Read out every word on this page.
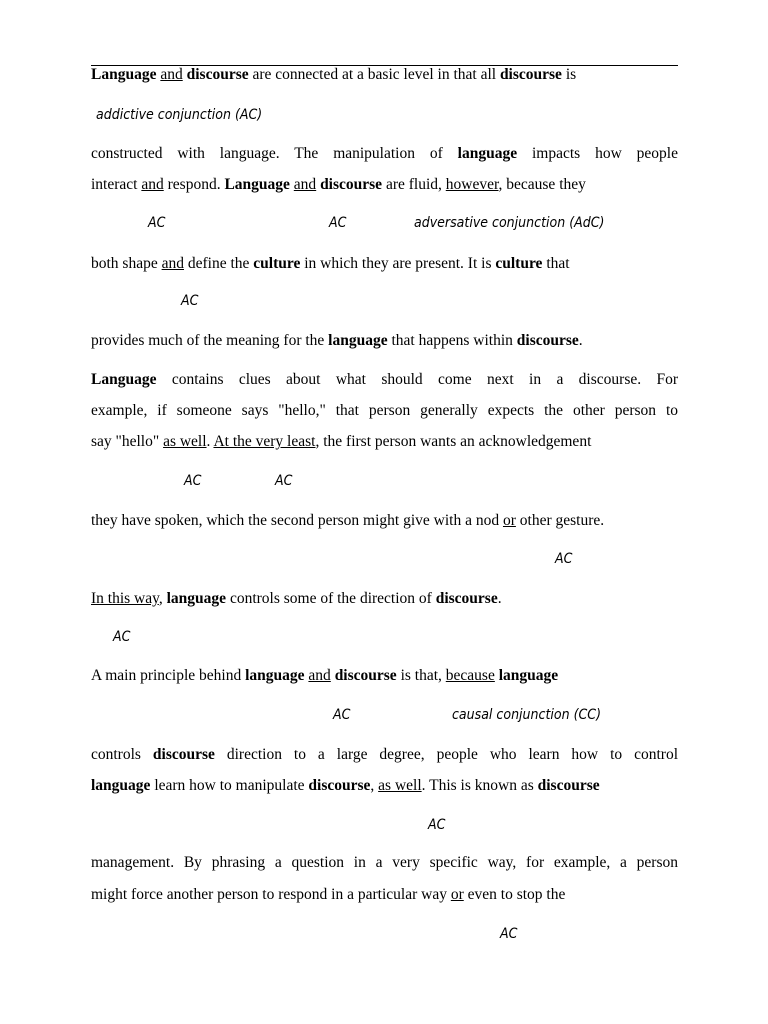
Language and discourse are connected at a basic level in that all discourse is
addictive conjunction (AC)
constructed with language. The manipulation of language impacts how people
interact and respond. Language and discourse are fluid, however, because they
AC	AC	adversative conjunction (AdC)
both shape and define the culture in which they are present. It is culture that
AC
provides much of the meaning for the language that happens within discourse.
Language contains clues about what should come next in a discourse. For
example, if someone says "hello," that person generally expects the other person to
say "hello" as well. At the very least, the first person wants an acknowledgement
AC	AC
they have spoken, which the second person might give with a nod or other gesture.
AC
In this way, language controls some of the direction of discourse.
AC
A main principle behind language and discourse is that, because language
AC	causal conjunction (CC)
controls discourse direction to a large degree, people who learn how to control
language learn how to manipulate discourse, as well. This is known as discourse
AC
management. By phrasing a question in a very specific way, for example, a person
might force another person to respond in a particular way or even to stop the
AC
